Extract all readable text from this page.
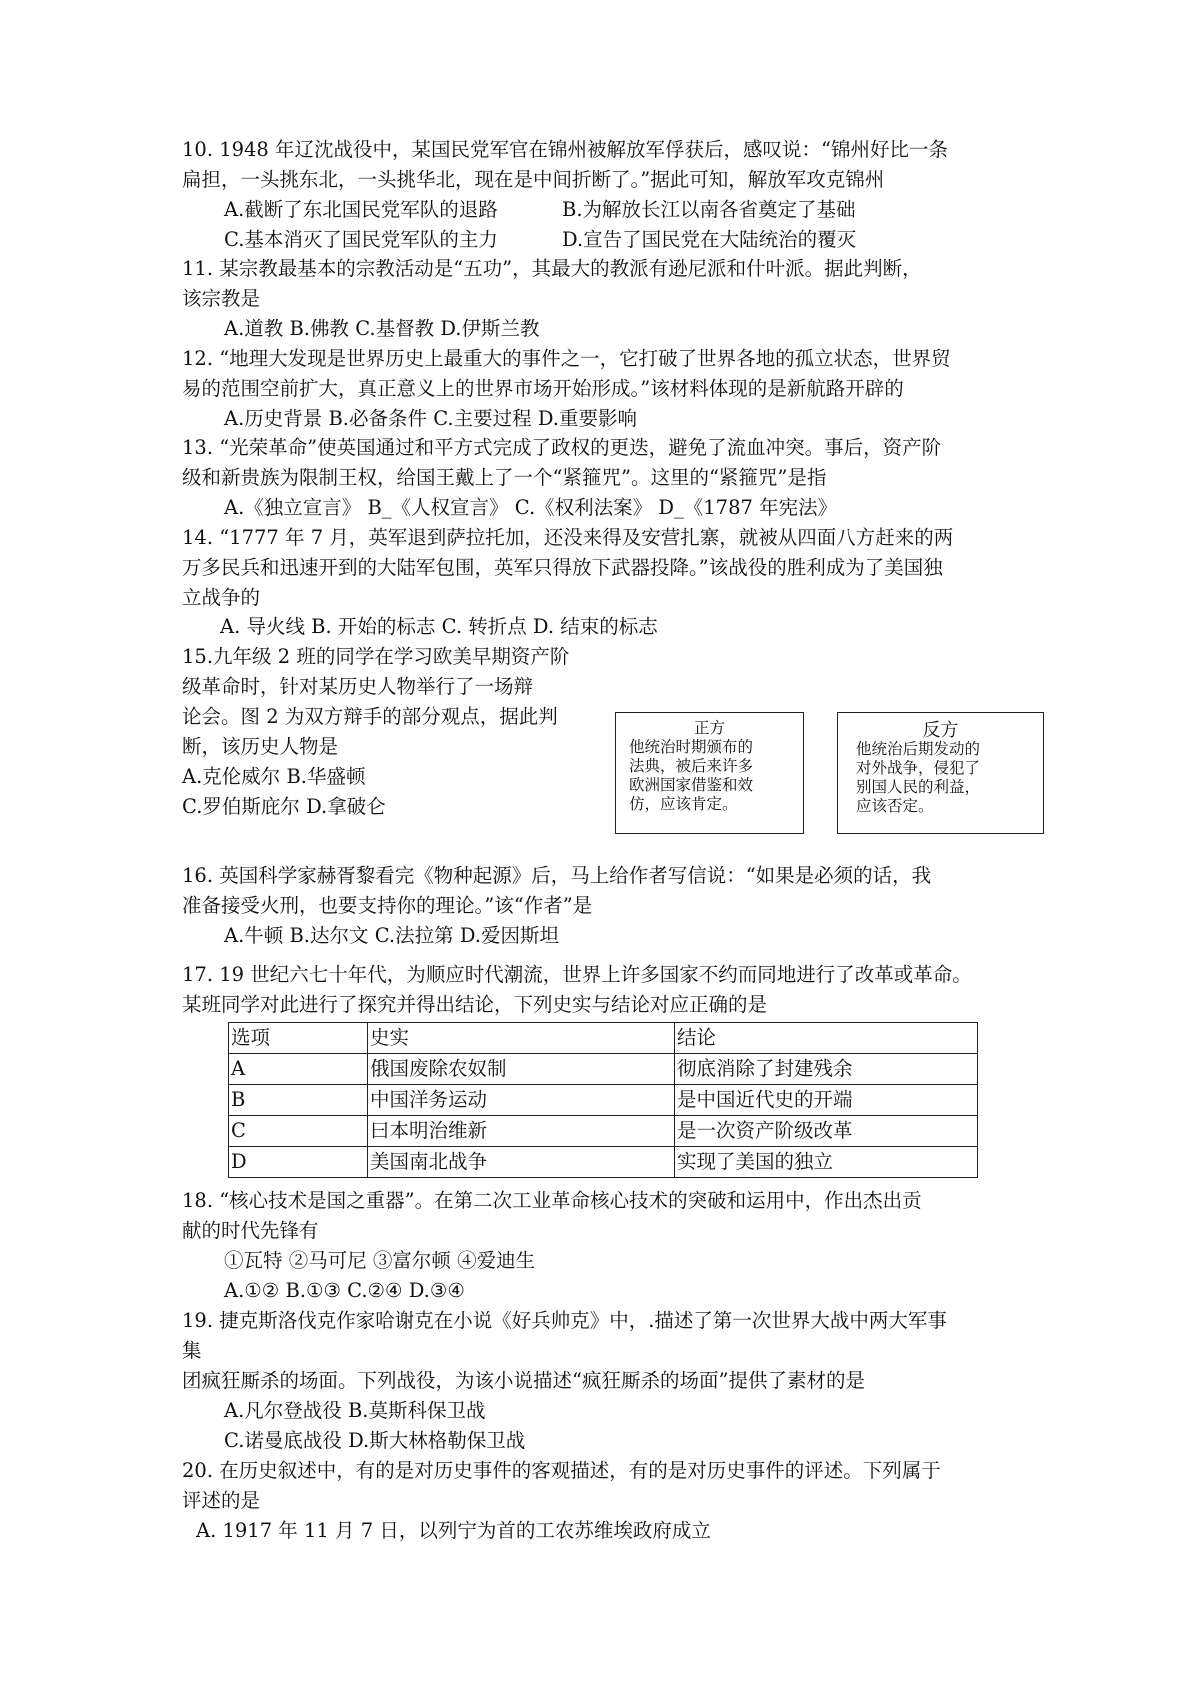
10. 1948 年辽沈战役中，某国民党军官在锦州被解放军俘获后，感叹说：“锦州好比一条
扁担，一头挑东北，一头挑华北，现在是中间折断了。”据此可知，解放军攻克锦州
A.截断了东北国民党军队的退路	B.为解放长江以南各省奠定了基础
C.基本消灭了国民党军队的主力	D.宣告了国民党在大陆统治的覆灭
11. 某宗教最基本的宗教活动是“五功”，其最大的教派有逊尼派和什叶派。据此判断，
该宗教是
A.道教 B.佛教 C.基督教 D.伊斯兰教
12. “地理大发现是世界历史上最重大的事件之一，它打破了世界各地的孤立状态，世界贸
易的范围空前扩大，真正意义上的世界市场开始形成。”该材料体现的是新航路开辟的
A.历史背景 B.必备条件 C.主要过程 D.重要影响
13. “光荣革命”使英国通过和平方式完成了政权的更迭，避免了流血冲突。事后，资产阶
级和新贵族为限制王权，给国王戴上了一个“紧箍咒”。这里的“紧箍咒”是指
A.《独立宣言》 B_《人权宣言》 C.《权利法案》 D_《1787 年宪法》
14. “1777 年 7 月，英军退到萨拉托加，还没来得及安营扎寨，就被从四面八方赶来的两
万多民兵和迅速开到的大陆军包围，英军只得放下武器投降。”该战役的胜利成为了美国独
立战争的
A. 导火线 B. 开始的标志 C. 转折点 D. 结束的标志
15.九年级 2 班的同学在学习欧美早期资产阶
级革命时，针对某历史人物举行了一场辩
论会。图 2 为双方辩手的部分观点，据此判
断，该历史人物是
A.克伦威尔 B.华盛顿
C.罗伯斯庇尔 D.拿破仑
正方
他统治时期颁布的
法典，被后来许多
欧洲国家借鉴和效
仿，应该肯定。
反方
他统治后期发动的
对外战争，侵犯了
别国人民的利益，
应该否定。
16. 英国科学家赫胥黎看完《物种起源》后，马上给作者写信说：“如果是必须的话，我
准备接受火刑，也要支持你的理论。”该“作者”是
A.牛顿 B.达尔文 C.法拉第 D.爱因斯坦
17. 19 世纪六七十年代，为顺应时代潮流，世界上许多国家不约而同地进行了改革或革命。
某班同学对此进行了探究并得出结论，下列史实与结论对应正确的是
选项	史实	结论
A	俄国废除农奴制	彻底消除了封建残余
B	中国洋务运动	是中国近代史的开端
C	曰本明治维新	是一次资产阶级改革
D	美国南北战争	实现了美国的独立
18. “核心技术是国之重器”。在第二次工业革命核心技术的突破和运用中，作出杰出贡
献的时代先锋有
①瓦特 ②马可尼 ③富尔顿 ④爱迪生
A.①② B.①③ C.②④ D.③④
19. 捷克斯洛伐克作家哈谢克在小说《好兵帅克》中，.描述了第一次世界大战中两大军事
集
团疯狂厮杀的场面。下列战役，为该小说描述“疯狂厮杀的场面”提供了素材的是
A.凡尔登战役 B.莫斯科保卫战
C.诺曼底战役 D.斯大林格勒保卫战
20. 在历史叙述中，有的是对历史事件的客观描述，有的是对历史事件的评述。下列属于
评述的是
A. 1917 年 11 月 7 日，以列宁为首的工农苏维埃政府成立
